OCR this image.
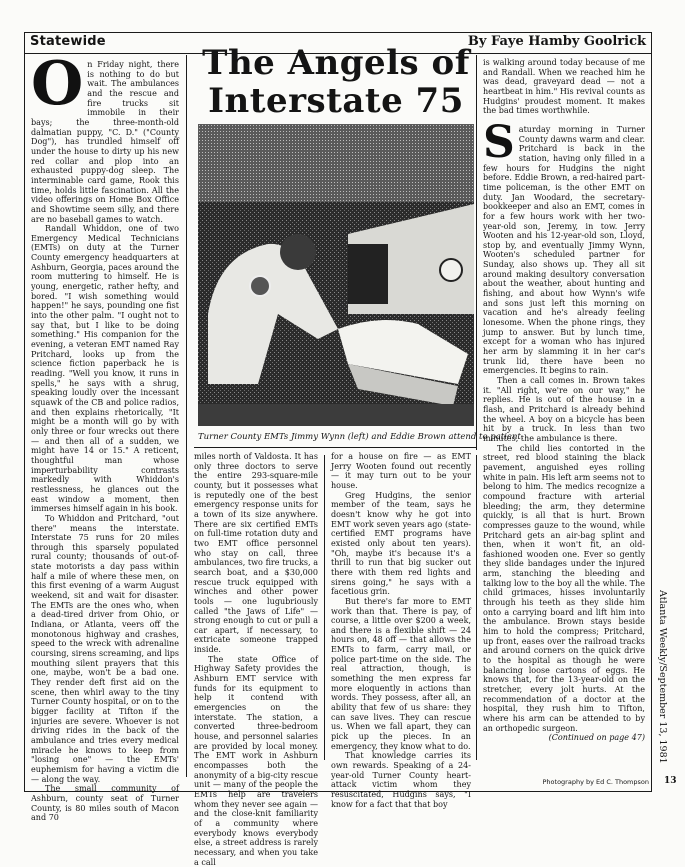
Statewide	By Faye Hamby Goolrick

On Friday night, there is nothing to do but wait. The ambulances and the rescue and fire trucks sit immobile in their bays; the three-month-old dalmatian puppy, "C. D." ("County Dog"), has trundled himself off under the house to dirty up his new red collar and plop into an exhausted puppy-dog sleep. The interminable card game, Rook this time, holds little fascination. All the video offerings on Home Box Office and Showtime seem silly, and there are no baseball games to watch.

Randall Whiddon, one of two Emergency Medical Technicians (EMTs) on duty at the Turner County emergency headquarters at Ashburn, Georgia, paces around the room muttering to himself. He is young, energetic, rather hefty, and bored. "I wish something would happen!" he says, pounding one fist into the other palm. "I ought not to say that, but I like to be doing something." His companion for the evening, a veteran EMT named Ray Pritchard, looks up from the science fiction paperback he is reading. "Well you know, it runs in spells," he says with a shrug, speaking loudly over the incessant squawk of the CB and police radios, and then explains rhetorically, "It might be a month will go by with only three or four wrecks out there — and then all of a sudden, we might have 14 or 15." A reticent, thoughtful man whose imperturbability contrasts markedly with Whiddon's restlessness, he glances out the east window a moment, then immerses himself again in his book.

To Whiddon and Pritchard, "out there" means the interstate. Interstate 75 runs for 20 miles through this sparsely populated rural county; thousands of out-of-state motorists a day pass within half a mile of where these men, on this first evening of a warm August weekend, sit and wait for disaster. The EMTs are the ones who, when a dead-tired driver from Ohio, or Indiana, or Atlanta, veers off the monotonous highway and crashes, speed to the wreck with adrenaline coursing, sirens screaming, and lips mouthing silent prayers that this one, maybe, won't be a bad one. They render deft first aid on the scene, then whirl away to the tiny Turner County hospital, or on to the bigger facility at Tifton if the injuries are severe. Whoever is not driving rides in the back of the ambulance and tries every medical miracle he knows to keep from "losing one" — the EMTs' euphemism for having a victim die — along the way.

The small community of Ashburn, county seat of Turner County, is 80 miles south of Macon and 70

The Angels of
Interstate 75
Turner County EMTs Jimmy Wynn (left) and Eddie Brown attend to patient.

miles north of Valdosta. It has only three doctors to serve the entire 293-square-mile county, but it possesses what is reputedly one of the best emergency response units for a town of its size anywhere. There are six certified EMTs on full-time rotation duty and two EMT office personnel who stay on call, three ambulances, two fire trucks, a search boat, and a $30,000 rescue truck equipped with winches and other power tools — one lugubriously called "the Jaws of Life" — strong enough to cut or pull a car apart, if necessary, to extricate someone trapped inside.

The state Office of Highway Safety provides the Ashburn EMT service with funds for its equipment to help it contend with emergencies on the interstate. The station, a converted three-bedroom house, and personnel salaries are provided by local money. The EMT work in Ashburn encompasses both the anonymity of a big-city rescue unit — many of the people the EMTs help are travelers whom they never see again — and the close-knit familiarity of a community where everybody knows everybody else, a street address is rarely necessary, and when you take a call

for a house on fire — as EMT Jerry Wooten found out recently — it may turn out to be your house.

Greg Hudgins, the senior member of the team, says he doesn't know why he got into EMT work seven years ago (state-certified EMT programs have existed only about ten years). "Oh, maybe it's because it's a thrill to run that big sucker out there with them red lights and sirens going," he says with a facetious grin.

But there's far more to EMT work than that. There is pay, of course, a little over $200 a week, and there is a flexible shift — 24 hours on, 48 off — that allows the EMTs to farm, carry mail, or police part-time on the side. The real attraction, though, is something the men express far more eloquently in actions than words. They possess, after all, an ability that few of us share: they can save lives. They can rescue us. When we fall apart, they can pick up the pieces. In an emergency, they know what to do.

That knowledge carries its own rewards. Speaking of a 24-year-old Turner County heart-attack victim whom they resuscitated, Hudgins says, "I know for a fact that that boy

is walking around today because of me and Randall. When we reached him he was dead, graveyard dead — not a heartbeat in him." His revival counts as Hudgins' proudest moment. It makes the bad times worthwhile.

Saturday morning in Turner County dawns warm and clear. Pritchard is back in the station, having only filled in a few hours for Hudgins the night before. Eddie Brown, a red-haired part-time policeman, is the other EMT on duty. Jan Woodard, the secretary-bookkeeper and also an EMT, comes in for a few hours work with her two-year-old son, Jeremy, in tow. Jerry Wooten and his 12-year-old son, Lloyd, stop by, and eventually Jimmy Wynn, Wooten's scheduled partner for Sunday, also shows up. They all sit around making desultory conversation about the weather, about hunting and fishing, and about how Wynn's wife and sons just left this morning on vacation and he's already feeling lonesome. When the phone rings, they jump to answer. But by lunch time, except for a woman who has injured her arm by slamming it in her car's trunk lid, there have been no emergencies. It begins to rain.

Then a call comes in. Brown takes it. "All right, we're on our way," he replies. He is out of the house in a flash, and Pritchard is already behind the wheel. A boy on a bicycle has been hit by a truck. In less than two minutes, the ambulance is there.

The child lies contorted in the street, red blood staining the black pavement, anguished eyes rolling white in pain. His left arm seems not to belong to him. The medics recognize a compound fracture with arterial bleeding; the arm, they determine quickly, is all that is hurt. Brown compresses gauze to the wound, while Pritchard gets an air-bag splint and then, when it won't fit, an old-fashioned wooden one. Ever so gently they slide bandages under the injured arm, stanching the bleeding and talking low to the boy all the while. The child grimaces, hisses involuntarily through his teeth as they slide him onto a carrying board and lift him into the ambulance. Brown stays beside him to hold the compress; Pritchard, up front, eases over the railroad tracks and around corners on the quick drive to the hospital as though he were balancing loose cartons of eggs. He knows that, for the 13-year-old on the stretcher, every jolt hurts. At the recommendation of a doctor at the hospital, they rush him to Tifton, where his arm can be attended to by an orthopedic surgeon.

(Continued on page 47)
Photography by Ed C. Thompson
Atlanta Weekly/September 13, 1981
13
